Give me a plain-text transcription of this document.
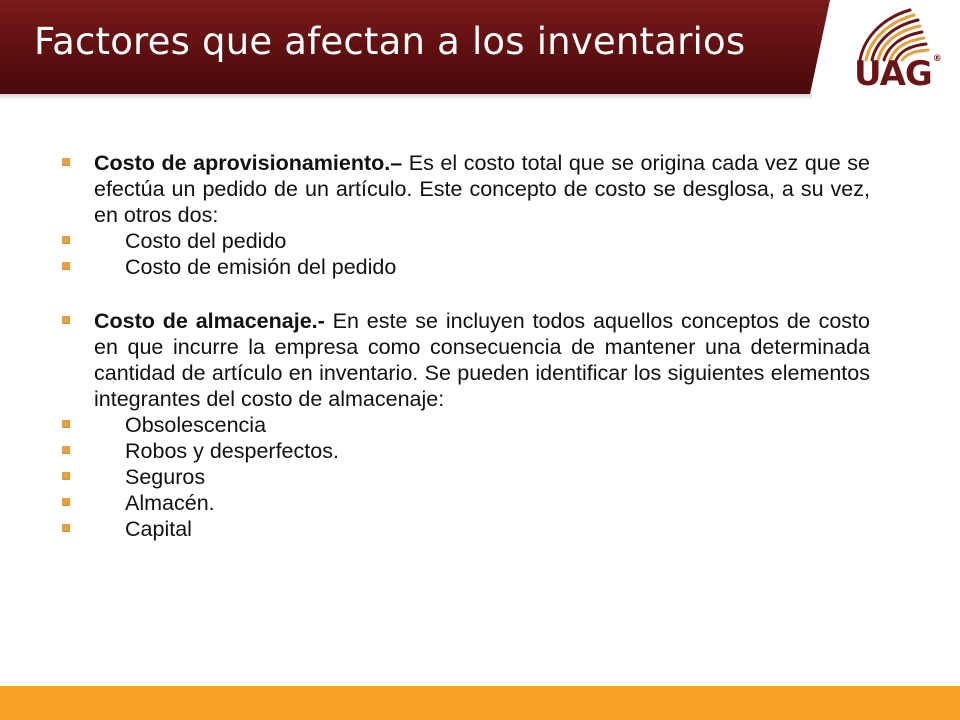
Factores que afectan a los inventarios
UAG®
Costo de aprovisionamiento.– Es el costo total que se origina cada vez que se efectúa un pedido de un artículo. Este concepto de costo se desglosa, a su vez, en otros dos:
Costo del pedido
Costo de emisión del pedido
Costo de almacenaje.- En este se incluyen todos aquellos conceptos de costo en que incurre la empresa como consecuencia de mantener una determinada cantidad de artículo en inventario. Se pueden identificar los siguientes elementos integrantes del costo de almacenaje:
Obsolescencia
Robos y desperfectos.
Seguros
Almacén.
Capital
